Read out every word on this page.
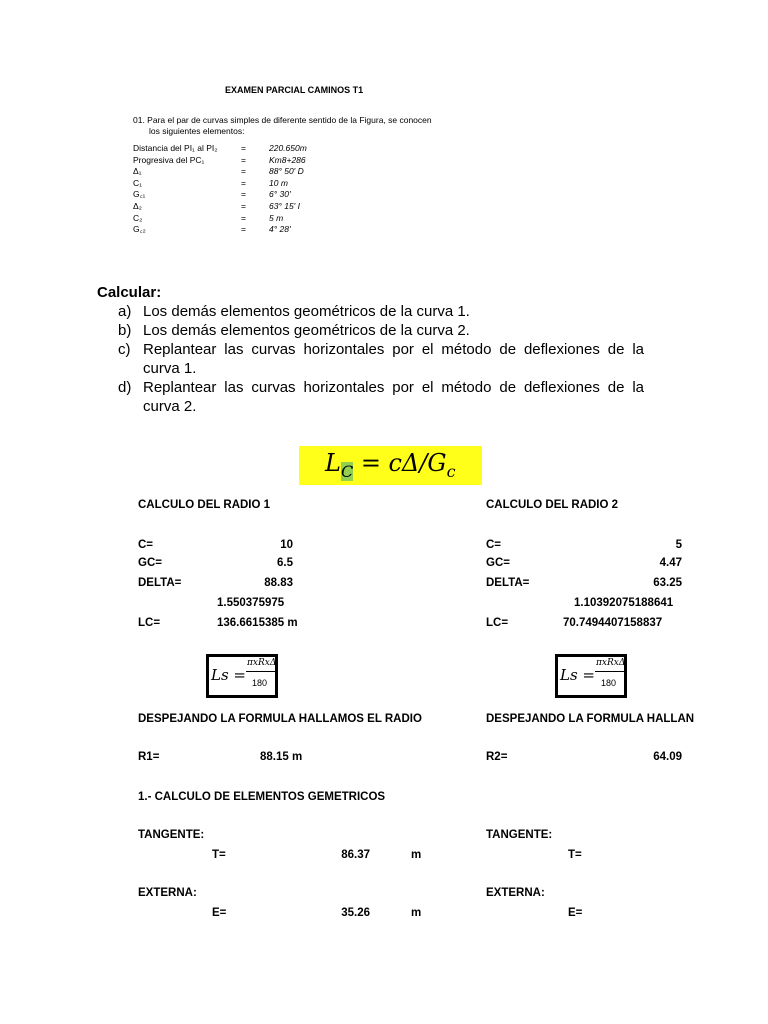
EXAMEN PARCIAL CAMINOS T1
01. Para el par de curvas simples de diferente sentido de la Figura, se conocen
los siguientes elementos:
Distancia del PI₁ al PI₂	=	220.650m
Progresiva del PC₁	=	Km8+286
Δ₁	=	88° 50' D
C₁	=	10 m
G꜀₁	=	6° 30'
Δ₂	=	63° 15' I
C₂	=	5 m
G꜀₂	=	4° 28'
Calcular:
a) Los demás elementos geométricos de la curva 1.
b) Los demás elementos geométricos de la curva 2.
c) Replantear las curvas horizontales por el método de deflexiones de la
curva 1.
d) Replantear las curvas horizontales por el método de deflexiones de la
curva 2.
$L_C = c\Delta/G_c$
CALCULO DEL RADIO 1
C=	10
GC=	6.5
DELTA=	88.83
1.550375975
LC=	136.6615385 m
Ls =
πxRxΔ
180
DESPEJANDO LA FORMULA HALLAMOS EL RADIO
R1=	88.15 m
CALCULO DEL RADIO 2
C=	5
GC=	4.47
DELTA=	63.25
1.10392075188641
LC=	70.7494407158837
Ls =
πxRxΔ
180
DESPEJANDO LA FORMULA HALLAN
R2=	64.09
1.- CALCULO DE ELEMENTOS GEMETRICOS
TANGENTE:
T=	86.37	m
EXTERNA:
E=	35.26	m
TANGENTE:
T=
EXTERNA:
E=
